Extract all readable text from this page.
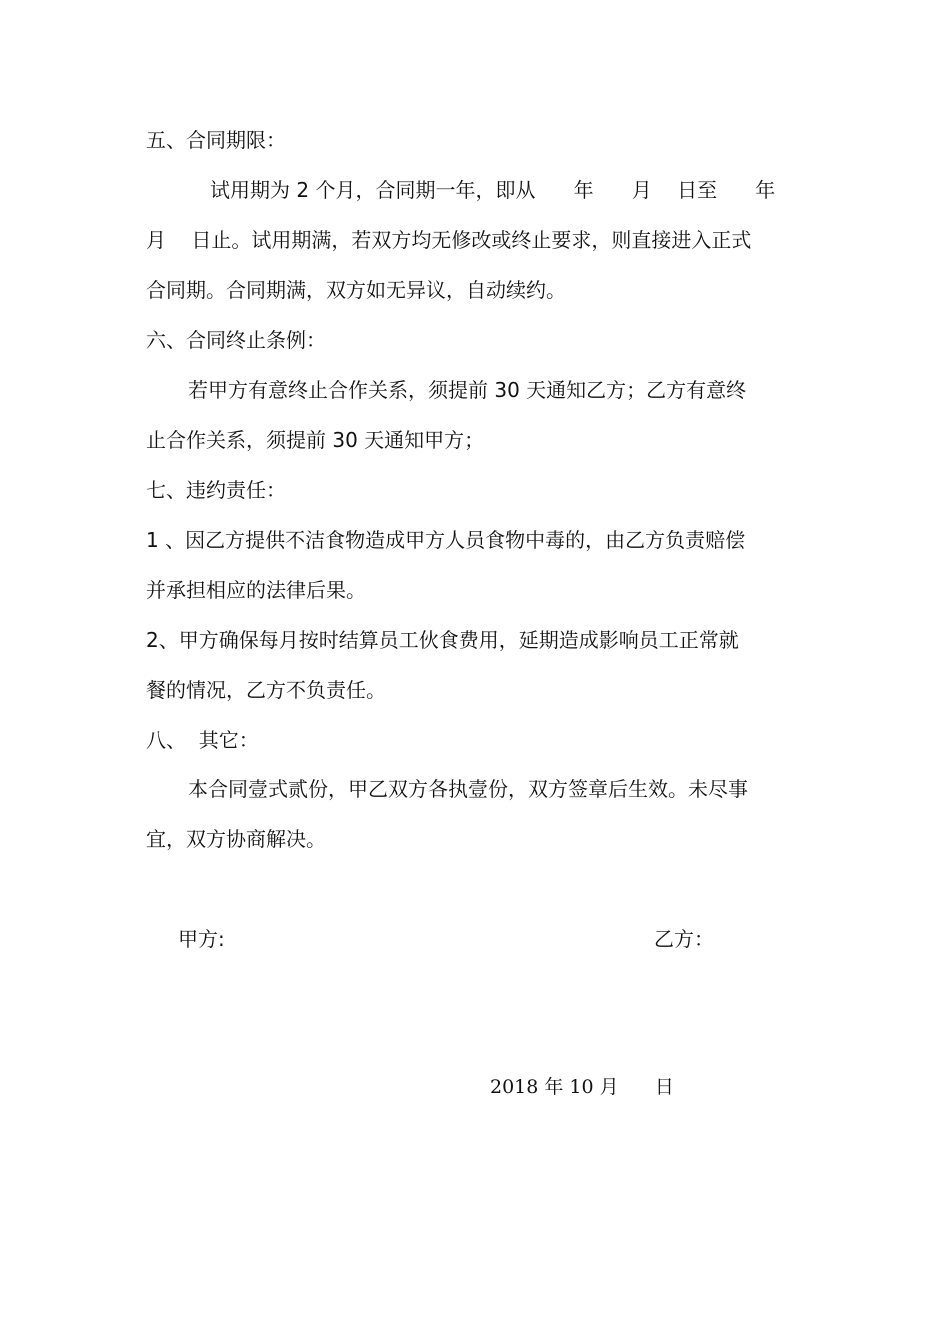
五、合同期限：
试用期为 2 个月，合同期一年，即从      年      月    日至      年
月    日止。试用期满，若双方均无修改或终止要求，则直接进入正式
合同期。合同期满，双方如无异议，自动续约。
六、合同终止条例：
若甲方有意终止合作关系，须提前 30 天通知乙方；乙方有意终
止合作关系，须提前 30 天通知甲方；
七、违约责任：
1 、因乙方提供不洁食物造成甲方人员食物中毒的，由乙方负责赔偿
并承担相应的法律后果。
2、甲方确保每月按时结算员工伙食费用，延期造成影响员工正常就
餐的情况，乙方不负责任。
八、  其它：
本合同壹式贰份，甲乙双方各执壹份，双方签章后生效。未尽事
宜，双方协商解决。
甲方:	乙方：
2018 年 10 月      日
